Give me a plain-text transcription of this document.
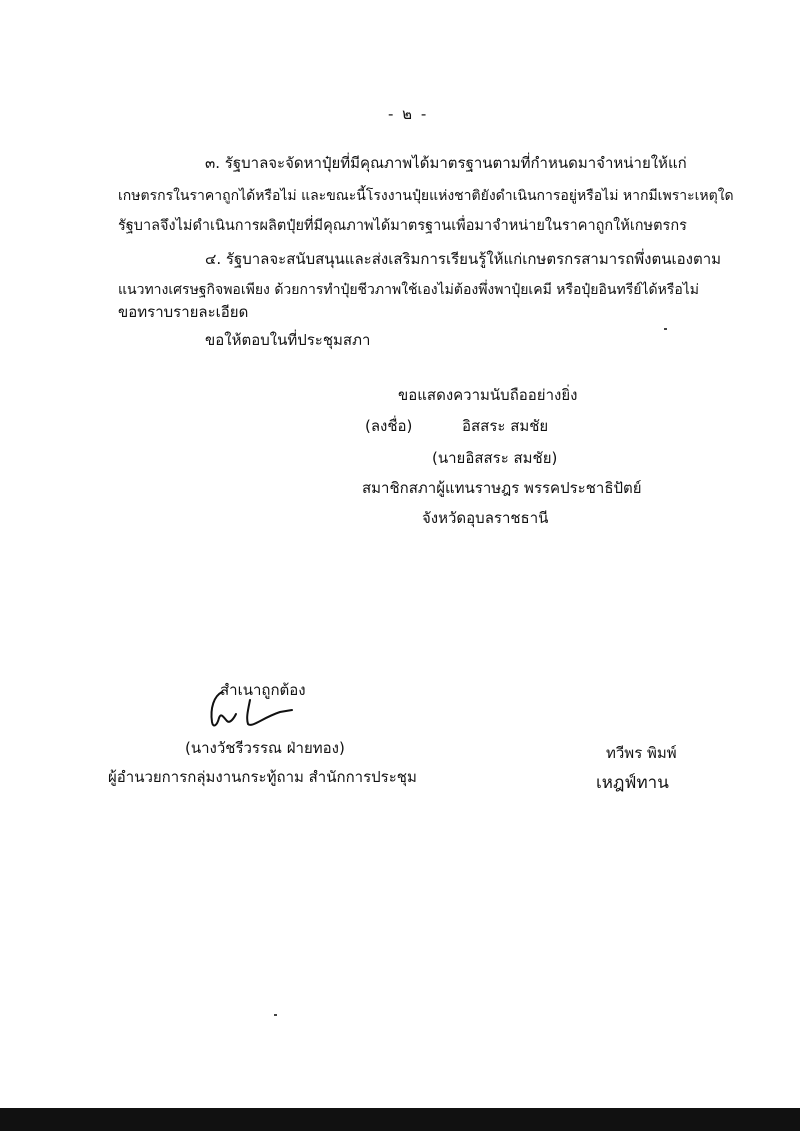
- ๒ -
๓. รัฐบาลจะจัดหาปุ๋ยที่มีคุณภาพได้มาตรฐานตามที่กำหนดมาจำหน่ายให้แก่
เกษตรกรในราคาถูกได้หรือไม่ และขณะนี้โรงงานปุ๋ยแห่งชาติยังดำเนินการอยู่หรือไม่ หากมีเพราะเหตุใด
รัฐบาลจึงไม่ดำเนินการผลิตปุ๋ยที่มีคุณภาพได้มาตรฐานเพื่อมาจำหน่ายในราคาถูกให้เกษตรกร
๔. รัฐบาลจะสนับสนุนและส่งเสริมการเรียนรู้ให้แก่เกษตรกรสามารถพึ่งตนเองตาม
แนวทางเศรษฐกิจพอเพียง ด้วยการทำปุ๋ยชีวภาพใช้เองไม่ต้องพึ่งพาปุ๋ยเคมี หรือปุ๋ยอินทรีย์ได้หรือไม่
ขอทราบรายละเอียด
ขอให้ตอบในที่ประชุมสภา
ขอแสดงความนับถืออย่างยิ่ง
(ลงชื่อ)	อิสสระ สมชัย
(นายอิสสระ สมชัย)
สมาชิกสภาผู้แทนราษฎร พรรคประชาธิปัตย์
จังหวัดอุบลราชธานี
สำเนาถูกต้อง
(นางวัชรีวรรณ ฝ่ายทอง)
ผู้อำนวยการกลุ่มงานกระทู้ถาม สำนักการประชุม
ทวีพร พิมพ์
เหฎฟ์ทาน
